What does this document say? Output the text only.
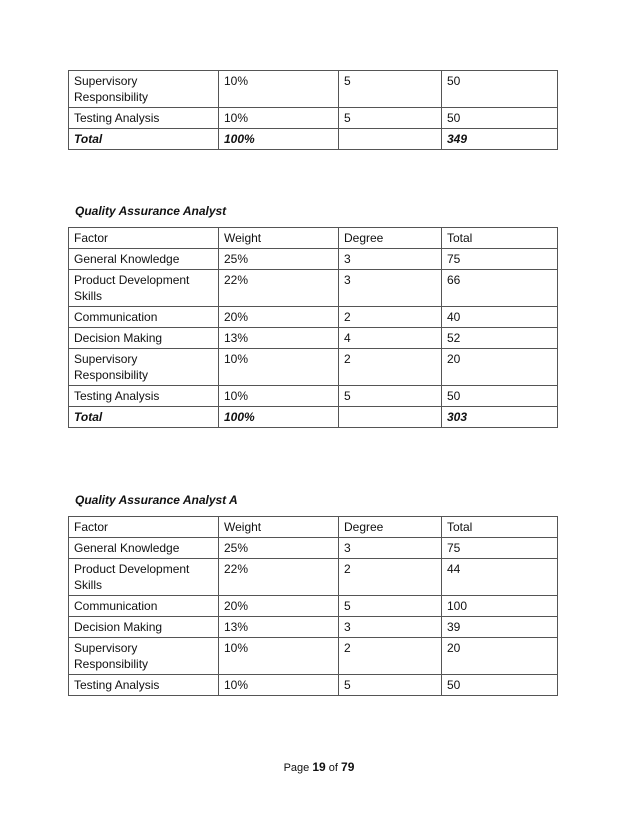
Supervisory
Responsibility	10%	5	50
Testing Analysis	10%	5	50
Total	100%		349
Quality Assurance Analyst
Factor	Weight	Degree	Total
General Knowledge	25%	3	75
Product Development
Skills	22%	3	66
Communication	20%	2	40
Decision Making	13%	4	52
Supervisory
Responsibility	10%	2	20
Testing Analysis	10%	5	50
Total	100%		303
Quality Assurance Analyst A
Factor	Weight	Degree	Total
General Knowledge	25%	3	75
Product Development
Skills	22%	2	44
Communication	20%	5	100
Decision Making	13%	3	39
Supervisory
Responsibility	10%	2	20
Testing Analysis	10%	5	50
Page 19 of 79
